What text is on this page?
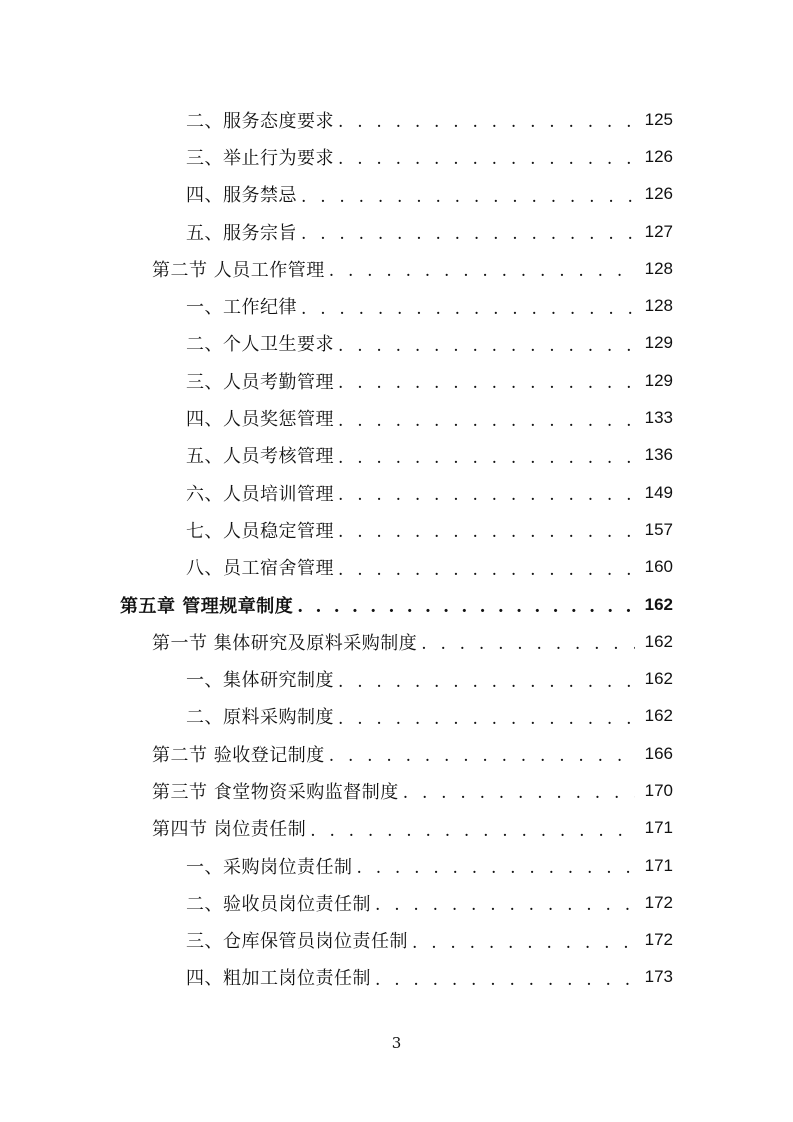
二、服务态度要求 . . .	125
三、举止行为要求 . . .	126
四、服务禁忌 . . .	126
五、服务宗旨 . . .	127
第二节 人员工作管理 . . .	128
一、工作纪律 . . .	128
二、个人卫生要求 . . .	129
三、人员考勤管理 . . .	129
四、人员奖惩管理 . . .	133
五、人员考核管理 . . .	136
六、人员培训管理 . . .	149
七、人员稳定管理 . . .	157
八、员工宿舍管理 . . .	160
第五章 管理规章制度 . . .	162
第一节 集体研究及原料采购制度 . . .	162
一、集体研究制度 . . .	162
二、原料采购制度 . . .	162
第二节 验收登记制度 . . .	166
第三节 食堂物资采购监督制度 . . .	170
第四节 岗位责任制 . . .	171
一、采购岗位责任制 . . .	171
二、验收员岗位责任制 . . .	172
三、仓库保管员岗位责任制 . . .	172
四、粗加工岗位责任制 . . .	173
3
